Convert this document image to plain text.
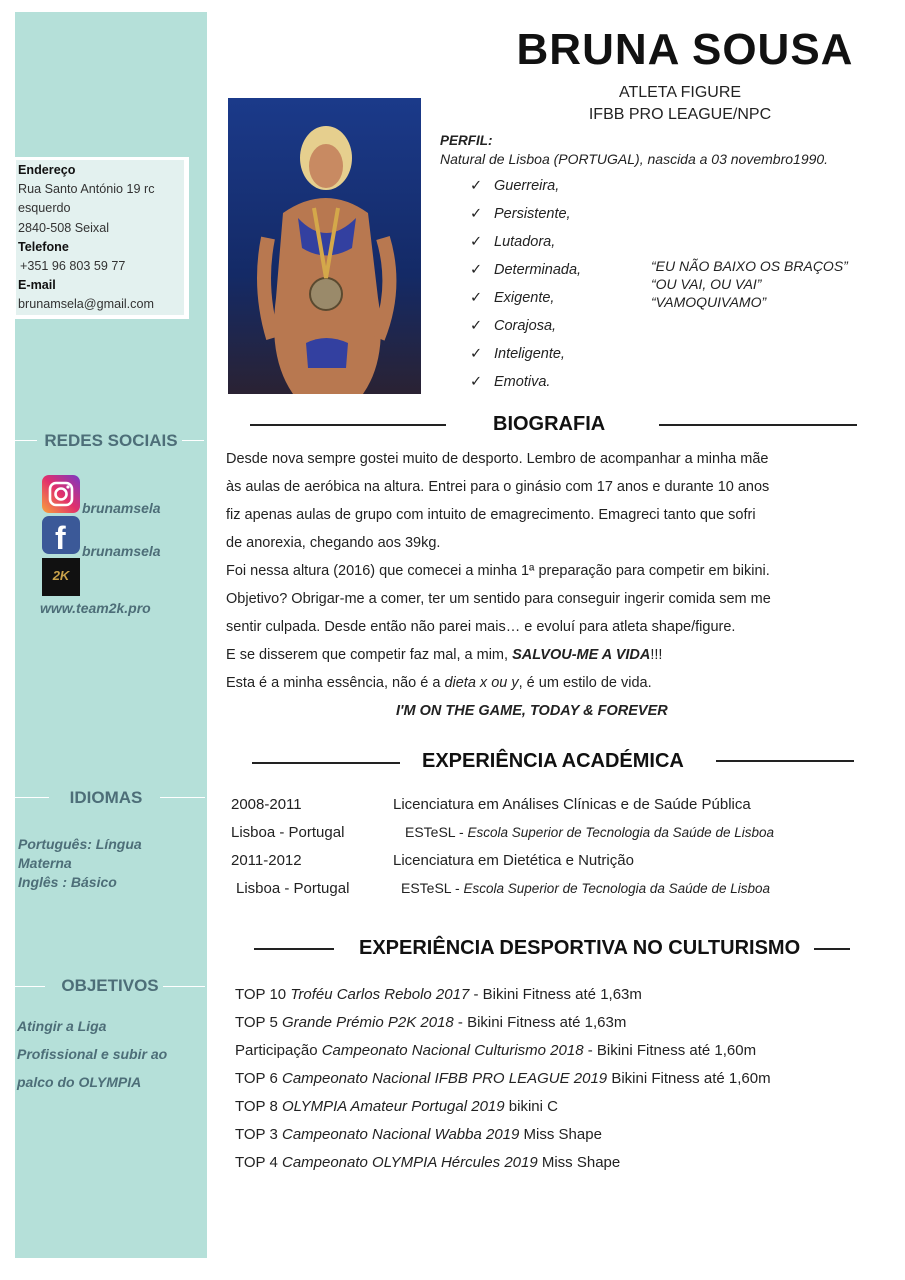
Endereço
Rua Santo António 19 rc
esquerdo
2840-508 Seixal
Telefone
+351 96 803 59 77
E-mail
brunamsela@gmail.com
REDES SOCIAIS
brunamsela
f brunamsela
2K
www.team2k.pro
IDIOMAS
Português: Língua
Materna
Inglês : Básico
OBJETIVOS
Atingir a Liga
Profissional e subir ao
palco do OLYMPIA
BRUNA SOUSA
ATLETA FIGURE
IFBB PRO LEAGUE/NPC
PERFIL:
Natural de Lisboa (PORTUGAL), nascida a 03 novembro1990.
✓ Guerreira,
✓ Persistente,
✓ Lutadora,
✓ Determinada,
✓ Exigente,
✓ Corajosa,
✓ Inteligente,
✓ Emotiva.
“EU NÃO BAIXO OS BRAÇOS”
“OU VAI, OU VAI”
“VAMOQUIVAMO”
BIOGRAFIA
Desde nova sempre gostei muito de desporto. Lembro de acompanhar a minha mãe
às aulas de aeróbica na altura. Entrei para o ginásio com 17 anos e durante 10 anos
fiz apenas aulas de grupo com intuito de emagrecimento. Emagreci tanto que sofri
de anorexia, chegando aos 39kg.
Foi nessa altura (2016) que comecei a minha 1ª preparação para competir em bikini.
Objetivo? Obrigar-me a comer, ter um sentido para conseguir ingerir comida sem me
sentir culpada. Desde então não parei mais… e evoluí para atleta shape/figure.
E se disserem que competir faz mal, a mim, SALVOU-ME A VIDA!!!
Esta é a minha essência, não é a dieta x ou y, é um estilo de vida.
I'M ON THE GAME, TODAY & FOREVER
EXPERIÊNCIA ACADÉMICA
2008-2011	Licenciatura em Análises Clínicas e de Saúde Pública
Lisboa - Portugal	ESTeSL - Escola Superior de Tecnologia da Saúde de Lisboa
2011-2012	Licenciatura em Dietética e Nutrição
Lisboa - Portugal	ESTeSL - Escola Superior de Tecnologia da Saúde de Lisboa
EXPERIÊNCIA DESPORTIVA NO CULTURISMO
TOP 10 Troféu Carlos Rebolo 2017 - Bikini Fitness até 1,63m
TOP 5 Grande Prémio P2K 2018 - Bikini Fitness até 1,63m
Participação Campeonato Nacional Culturismo 2018 - Bikini Fitness até 1,60m
TOP 6 Campeonato Nacional IFBB PRO LEAGUE 2019 Bikini Fitness até 1,60m
TOP 8 OLYMPIA Amateur Portugal 2019 bikini C
TOP 3 Campeonato Nacional Wabba 2019 Miss Shape
TOP 4 Campeonato OLYMPIA Hércules 2019 Miss Shape
